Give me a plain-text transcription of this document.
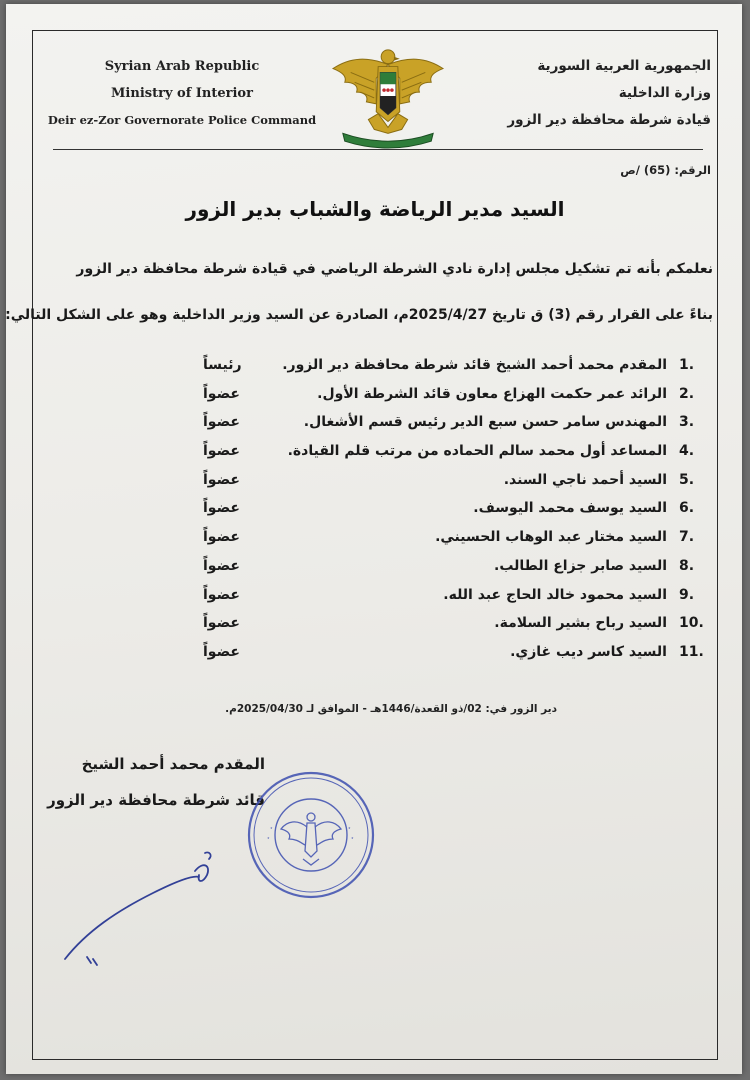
Syrian Arab Republic
Ministry of Interior
Deir ez-Zor Governorate Police Command
الجمهورية العربية السورية
وزارة الداخلية
قيادة شرطة محافظة دير الزور
الرقم: (65) /ص
السيد مدير الرياضة والشباب بدير الزور
نعلمكم بأنه تم تشكيل مجلس إدارة نادي الشرطة الرياضي في قيادة شرطة محافظة دير الزور
بناءً على القرار رقم (3) ق تاريخ 2025/4/27م، الصادرة عن السيد وزير الداخلية وهو على الشكل التالي:
1.
المقدم محمد أحمد الشيخ قائد شرطة محافظة دير الزور.
رئيساً
2.
الرائد عمر حكمت الهزاع معاون قائد الشرطة الأول.
عضواً
3.
المهندس سامر حسن سبع الدير رئيس قسم الأشغال.
عضواً
4.
المساعد أول محمد سالم الحماده من مرتب قلم القيادة.
عضواً
5.
السيد أحمد ناجي السند.
عضواً
6.
السيد يوسف محمد اليوسف.
عضواً
7.
السيد مختار عبد الوهاب الحسيني.
عضواً
8.
السيد صابر جزاع الطالب.
عضواً
9.
السيد محمود خالد الحاج عبد الله.
عضواً
10.
السيد رباح بشير السلامة.
عضواً
11.
السيد كاسر ديب غازي.
عضواً
دير الزور في: 02/ذو القعدة/1446هـ - الموافق لـ 2025/04/30م.
المقدم محمد أحمد الشيخ
قائد شرطة محافظة دير الزور
★
★
★
★
